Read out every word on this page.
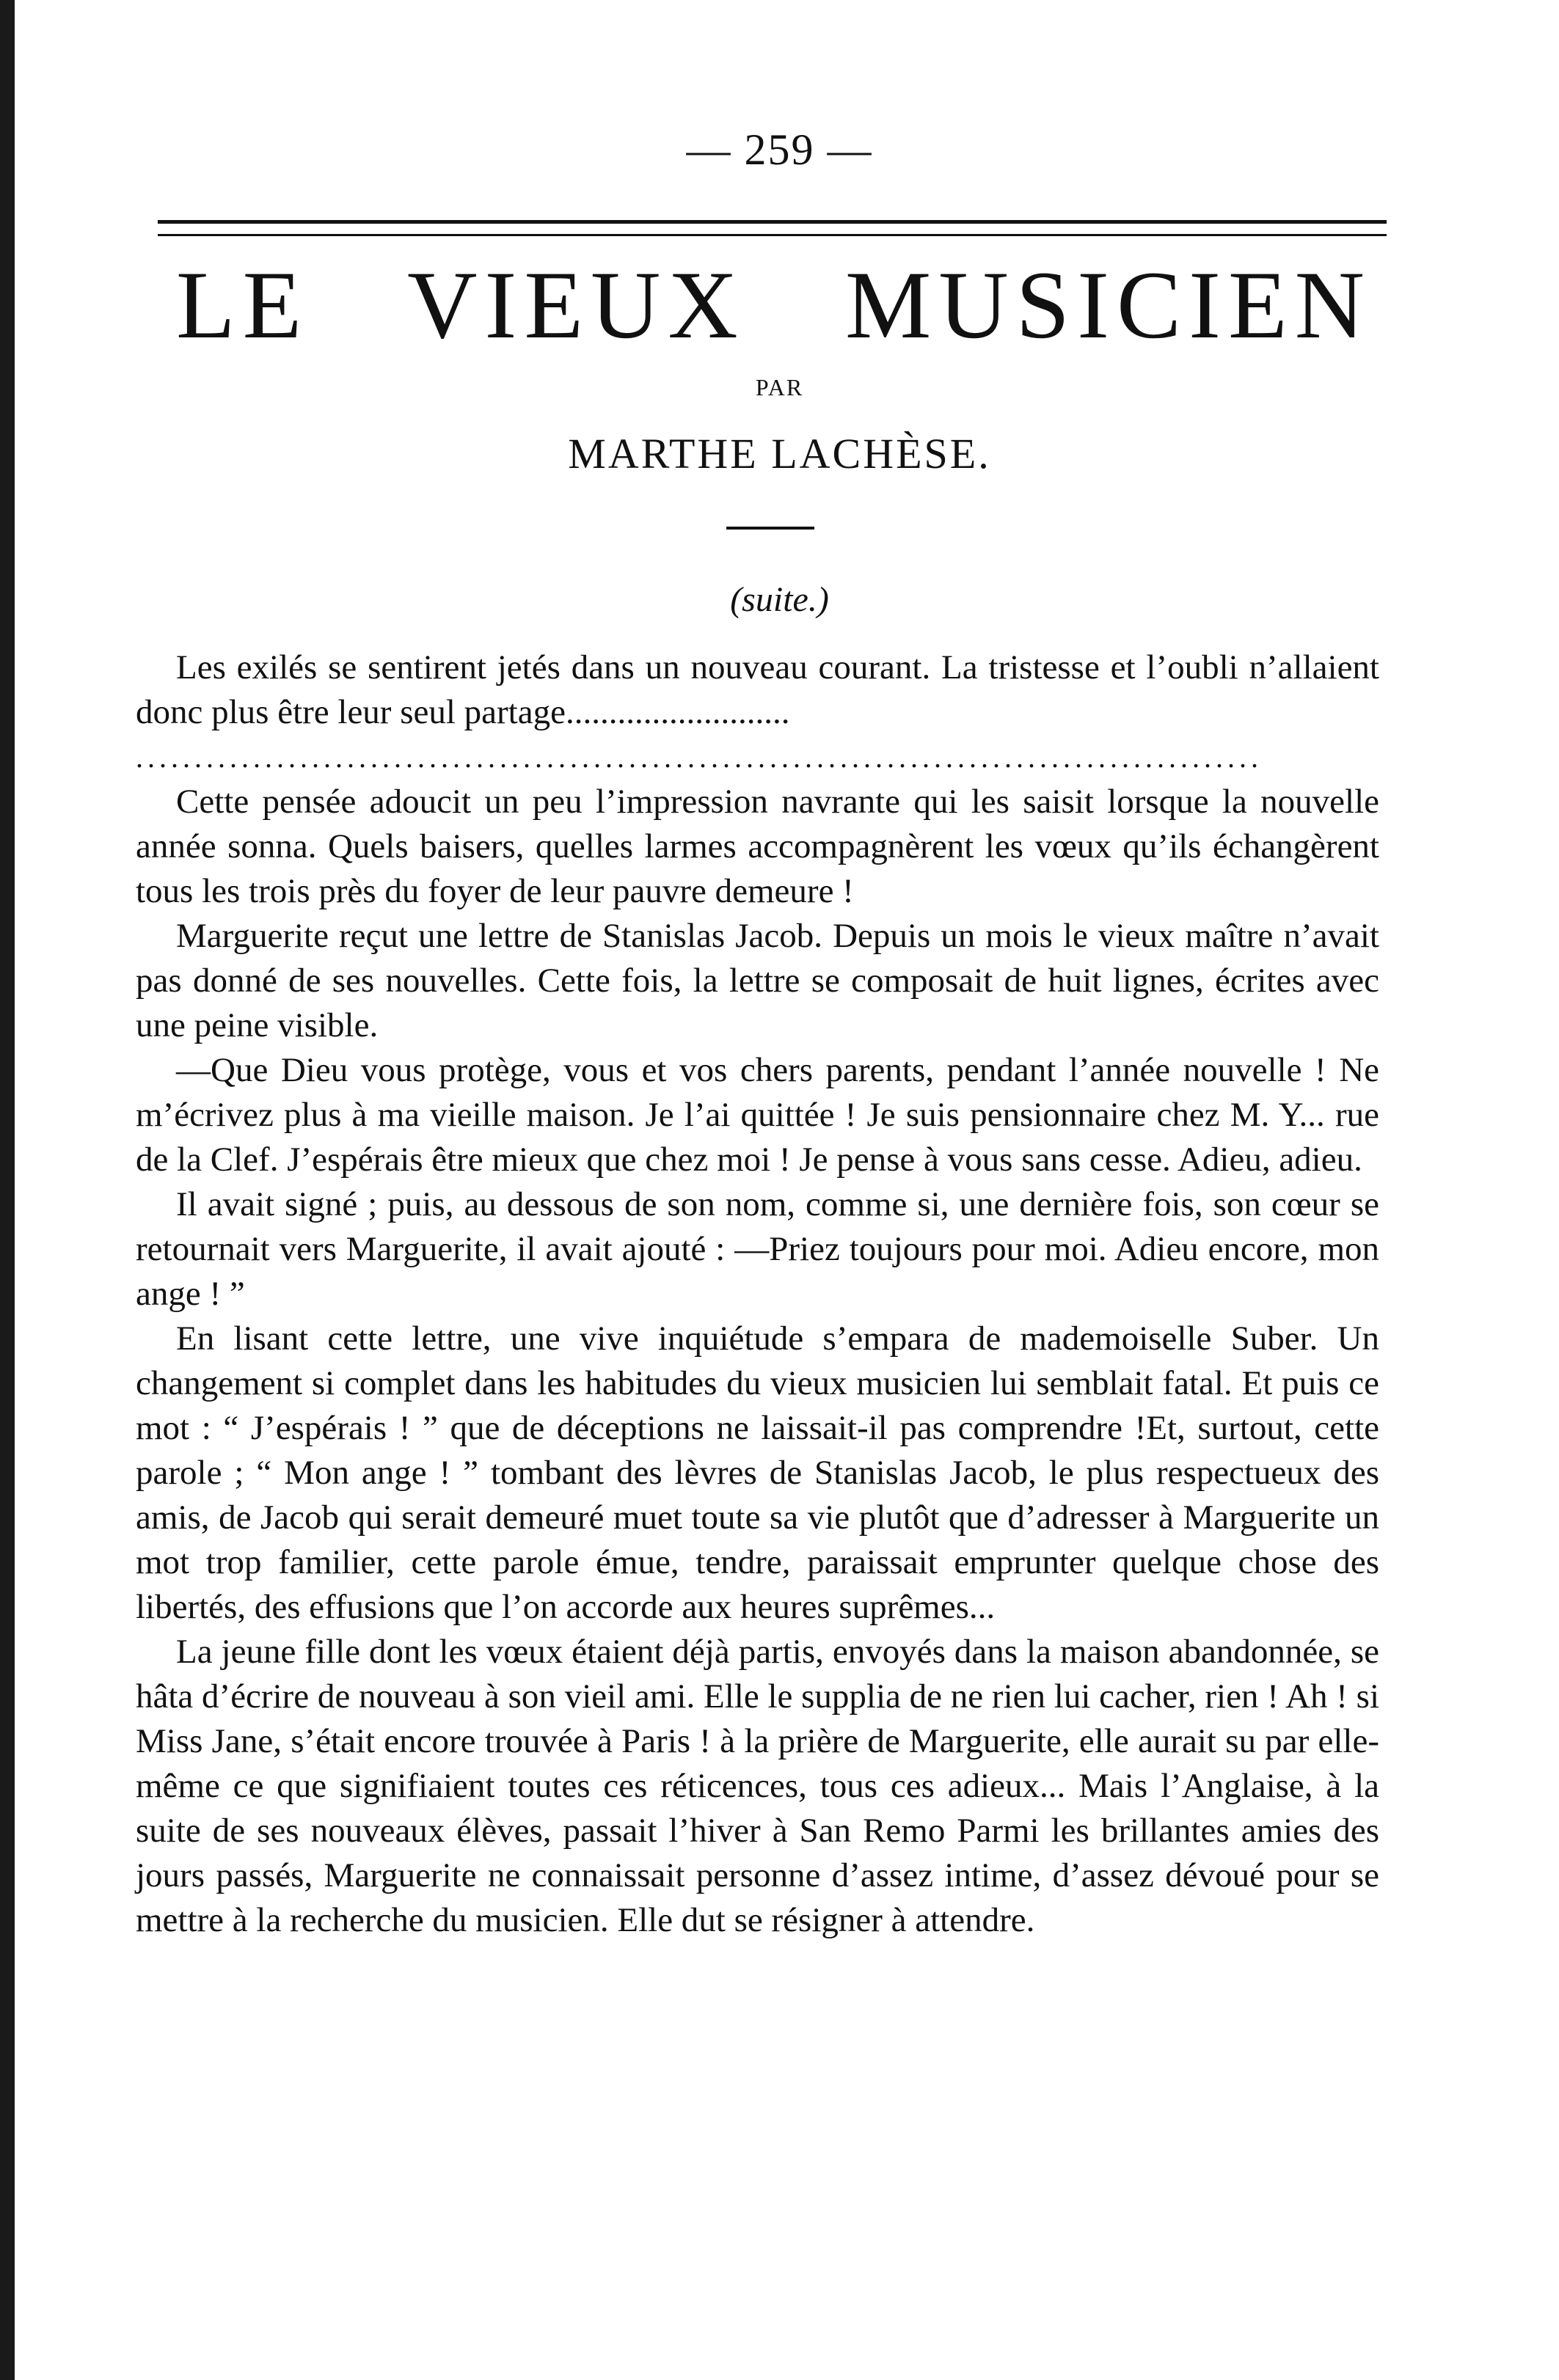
— 259 —
LE VIEUX MUSICIEN
PAR
MARTHE LACHÈSE.
(suite.)

Les exilés se sentirent jetés dans un nouveau courant. La tristesse et l’oubli n’allaient donc plus être leur seul partage..........................

................................................................................................

Cette pensée adoucit un peu l’impression navrante qui les saisit lorsque la nouvelle année sonna. Quels baisers, quelles larmes accompagnèrent les vœux qu’ils échangèrent tous les trois près du foyer de leur pauvre demeure !

Marguerite reçut une lettre de Stanislas Jacob. Depuis un mois le vieux maître n’avait pas donné de ses nouvelles. Cette fois, la lettre se composait de huit lignes, écrites avec une peine visible.

—Que Dieu vous protège, vous et vos chers parents, pendant l’année nouvelle ! Ne m’écrivez plus à ma vieille maison. Je l’ai quittée ! Je suis pensionnaire chez M. Y... rue de la Clef. J’espérais être mieux que chez moi ! Je pense à vous sans cesse. Adieu, adieu.

Il avait signé ; puis, au dessous de son nom, comme si, une dernière fois, son cœur se retournait vers Marguerite, il avait ajouté : —Priez toujours pour moi. Adieu encore, mon ange ! ”

En lisant cette lettre, une vive inquiétude s’empara de mademoiselle Suber. Un changement si complet dans les habitudes du vieux musicien lui semblait fatal. Et puis ce mot : “ J’espérais ! ” que de déceptions ne laissait-il pas comprendre !Et, surtout, cette parole ; “ Mon ange ! ” tombant des lèvres de Stanislas Jacob, le plus respectueux des amis, de Jacob qui serait demeuré muet toute sa vie plutôt que d’adresser à Marguerite un mot trop familier, cette parole émue, tendre, paraissait emprunter quelque chose des libertés, des effusions que l’on accorde aux heures suprêmes...

La jeune fille dont les vœux étaient déjà partis, envoyés dans la maison abandonnée, se hâta d’écrire de nouveau à son vieil ami. Elle le supplia de ne rien lui cacher, rien ! Ah ! si Miss Jane, s’était encore trouvée à Paris ! à la prière de Marguerite, elle aurait su par elle-même ce que signifiaient toutes ces réticences, tous ces adieux... Mais l’Anglaise, à la suite de ses nouveaux élèves, passait l’hiver à San Remo Parmi les brillantes amies des jours passés, Marguerite ne connaissait personne d’assez intime, d’assez dévoué pour se mettre à la recherche du musicien. Elle dut se résigner à attendre.
